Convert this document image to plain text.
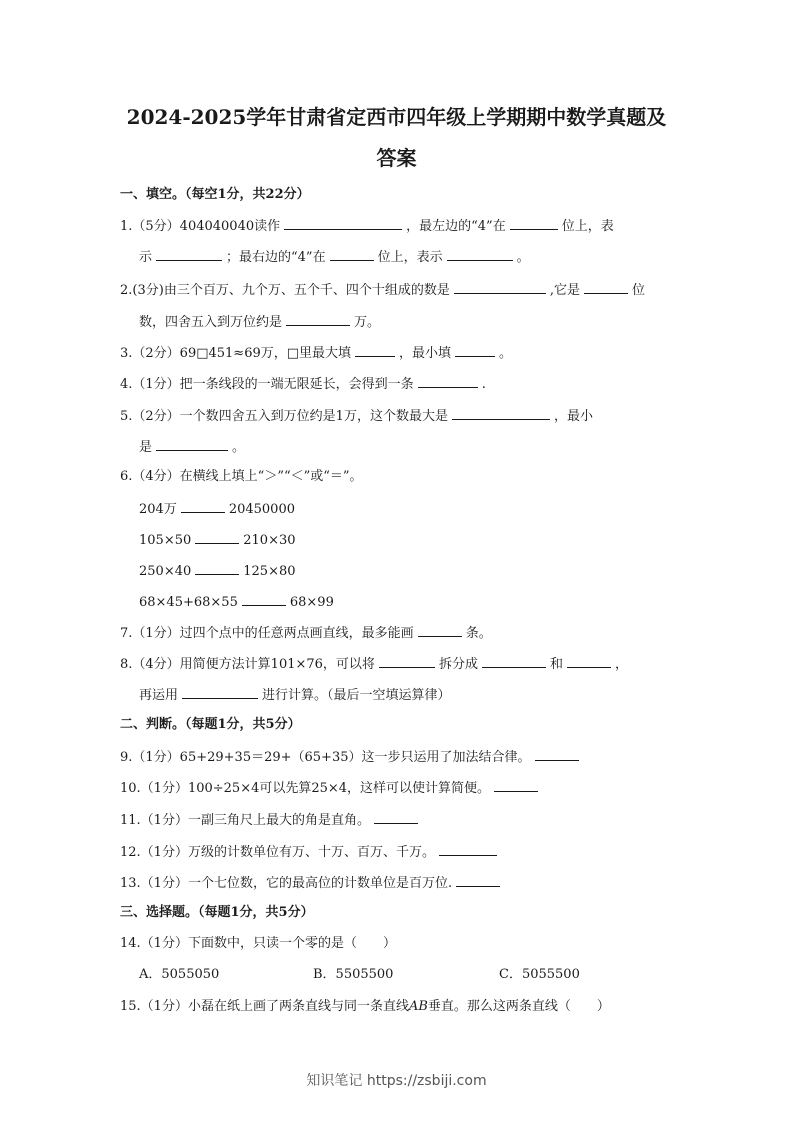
2024-2025学年甘肃省定西市四年级上学期期中数学真题及
答案
一、填空。（每空1分，共22分）
1.（5分）404040040读作	，最左边的“4”在	位上，表
示	；最右边的“4”在	位上，表示	。
2.(3分)由三个百万、九个万、五个千、四个十组成的数是	,它是	位
数，四舍五入到万位约是	万。
3.（2分）69□451≈69万，□里最大填	，最小填	。
4.（1分）把一条线段的一端无限延长，会得到一条	.
5.（2分）一个数四舍五入到万位约是1万，这个数最大是	，最小
是	。
6.（4分）在横线上填上“＞”“＜”或“＝”。
204万	20450000
105×50	210×30
250×40	125×80
68×45+68×55	68×99
7.（1分）过四个点中的任意两点画直线，最多能画	条。
8.（4分）用简便方法计算101×76，可以将	拆分成	和	，
再运用	进行计算。（最后一空填运算律）
二、判断。（每题1分，共5分）
9.（1分）65+29+35＝29+（65+35）这一步只运用了加法结合律。
10.（1分）100÷25×4可以先算25×4，这样可以使计算简便。
11.（1分）一副三角尺上最大的角是直角。
12.（1分）万级的计数单位有万、十万、百万、千万。
13.（1分）一个七位数，它的最高位的计数单位是百万位.
三、选择题。（每题1分，共5分）
14.（1分）下面数中，只读一个零的是（　　）
A．5055050	B．5505500	C．5055500
15.（1分）小磊在纸上画了两条直线与同一条直线AB垂直。那么这两条直线（　　）
知识笔记 https://zsbiji.com
